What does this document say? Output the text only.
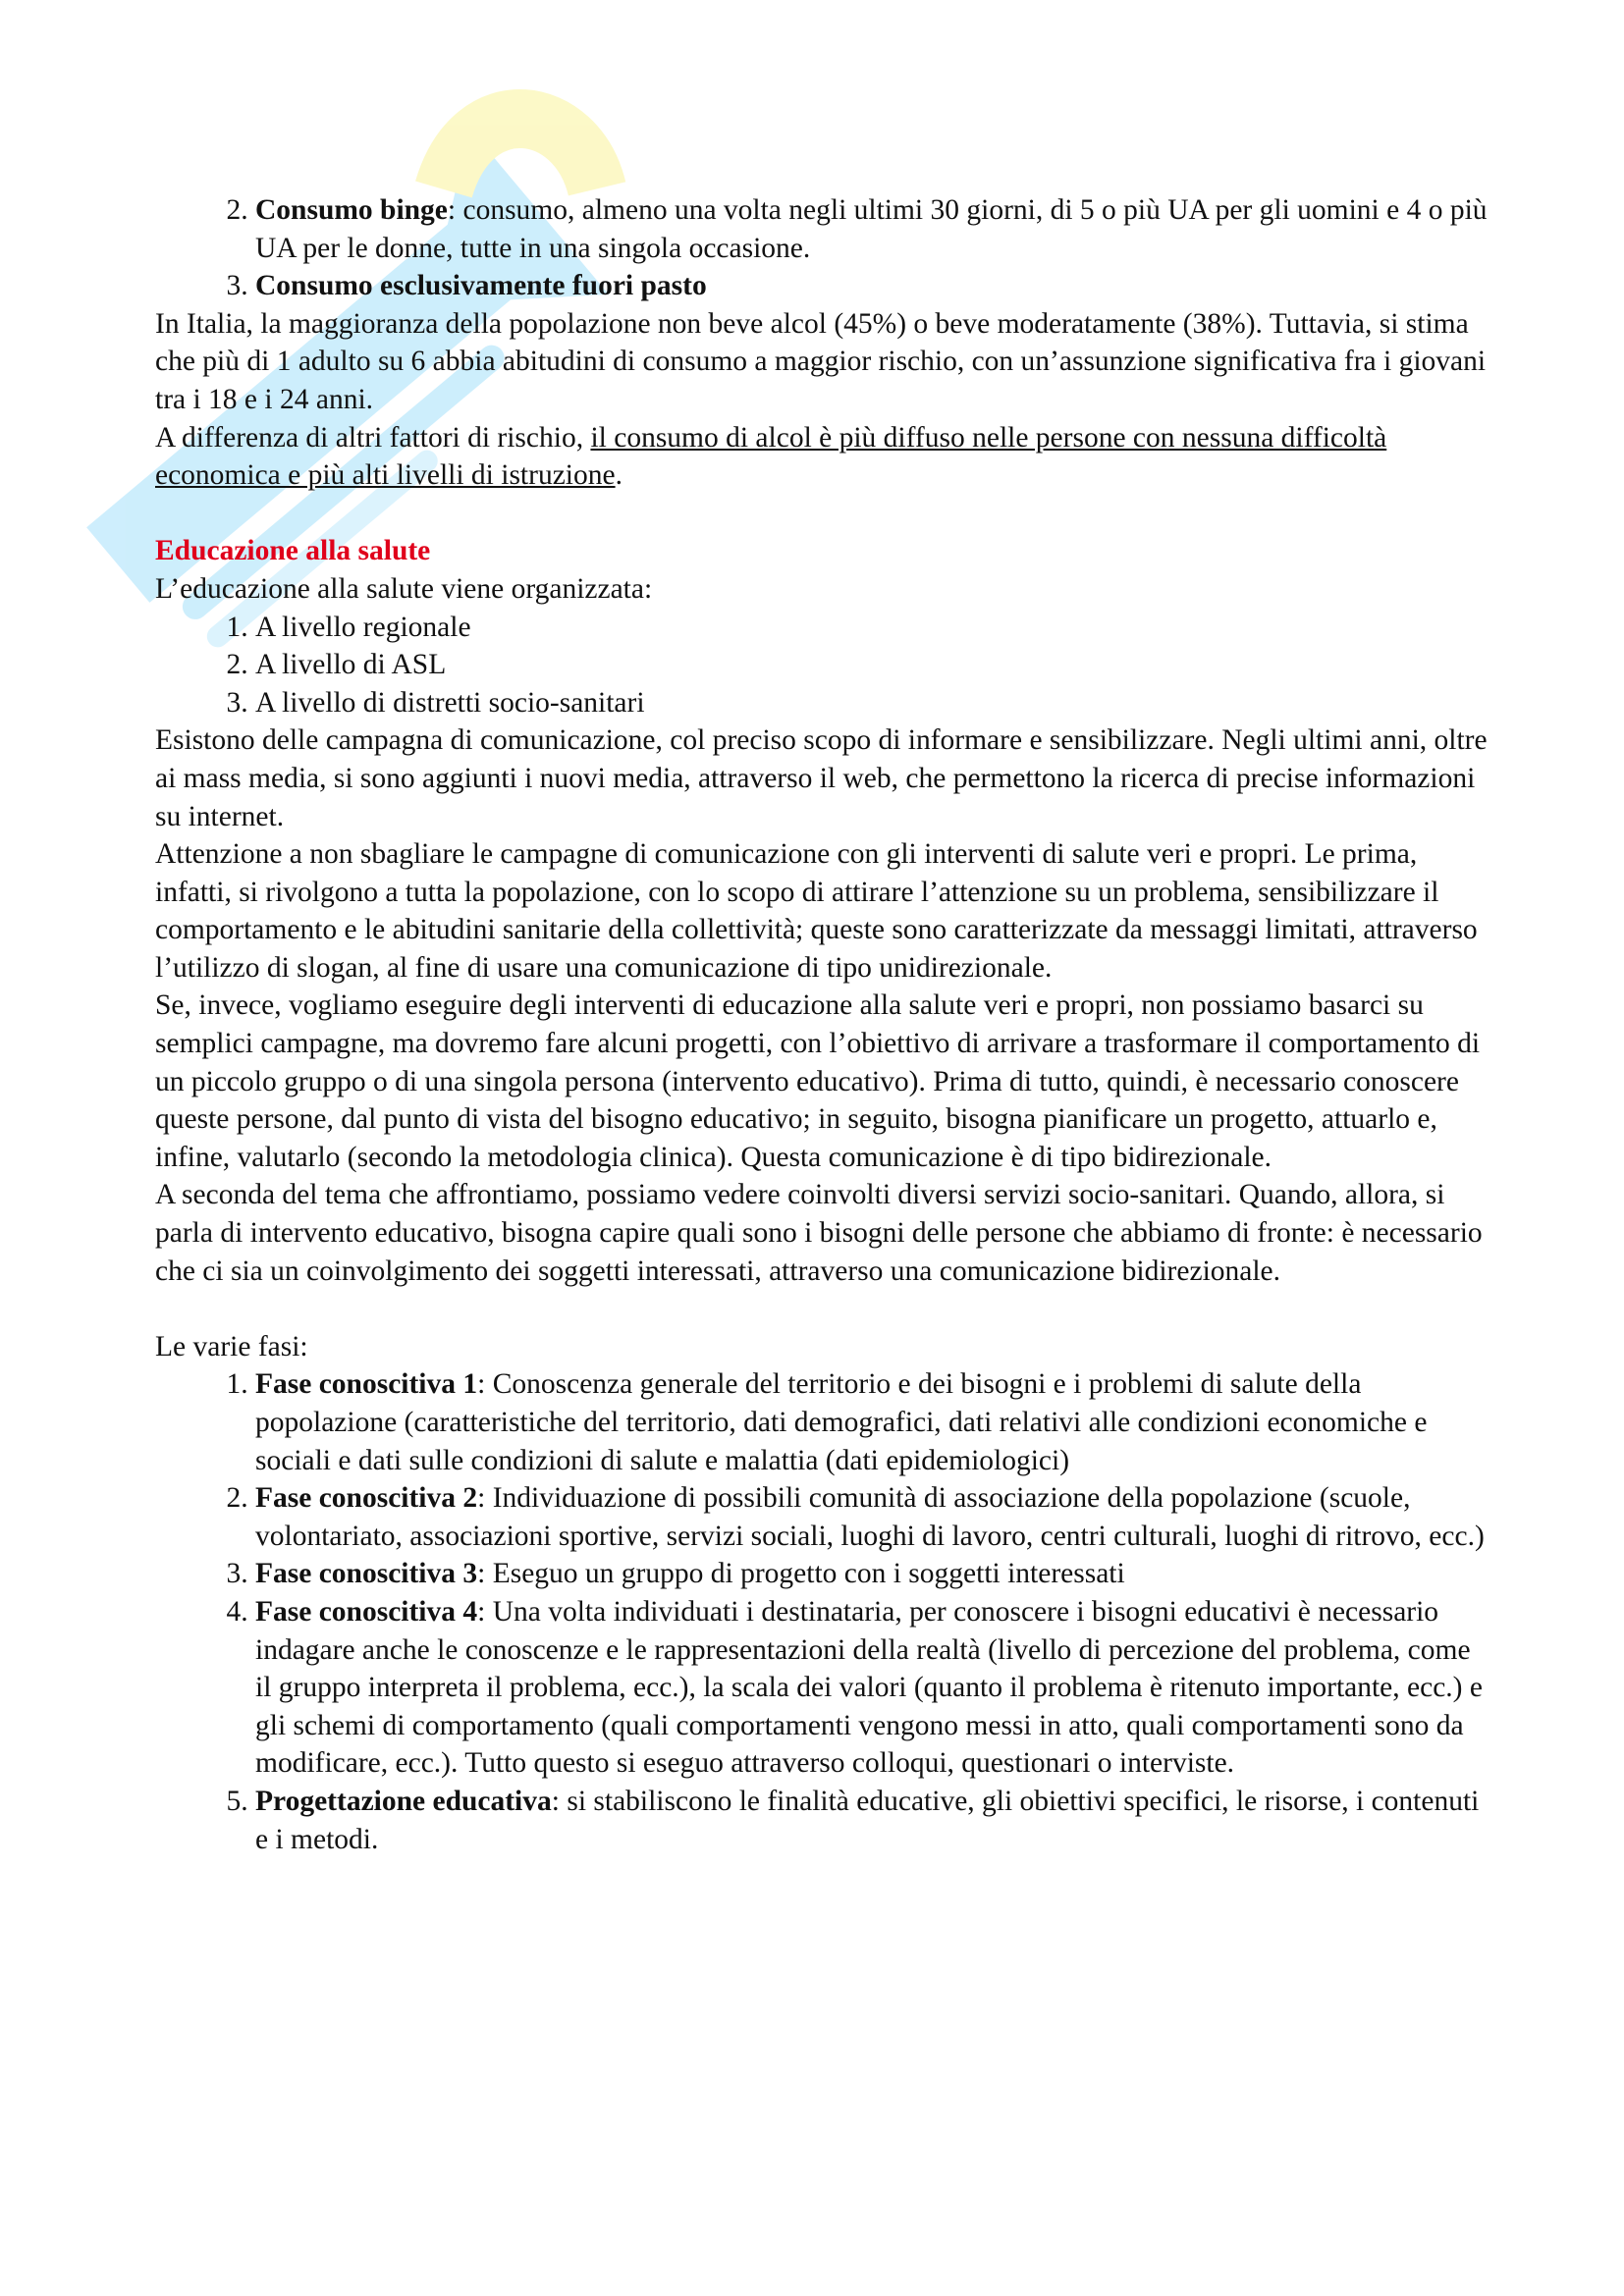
2. Consumo binge: consumo, almeno una volta negli ultimi 30 giorni, di 5 o più UA per gli uomini e 4 o più UA per le donne, tutte in una singola occasione.
3. Consumo esclusivamente fuori pasto

In Italia, la maggioranza della popolazione non beve alcol (45%) o beve moderatamente (38%). Tuttavia, si stima che più di 1 adulto su 6 abbia abitudini di consumo a maggior rischio, con un’assunzione significativa fra i giovani tra i 18 e i 24 anni.

A differenza di altri fattori di rischio, il consumo di alcol è più diffuso nelle persone con nessuna difficoltà economica e più alti livelli di istruzione.

Educazione alla salute

L’educazione alla salute viene organizzata:

1. A livello regionale
2. A livello di ASL
3. A livello di distretti socio-sanitari

Esistono delle campagna di comunicazione, col preciso scopo di informare e sensibilizzare. Negli ultimi anni, oltre ai mass media, si sono aggiunti i nuovi media, attraverso il web, che permettono la ricerca di precise informazioni su internet.

Attenzione a non sbagliare le campagne di comunicazione con gli interventi di salute veri e propri. Le prima, infatti, si rivolgono a tutta la popolazione, con lo scopo di attirare l’attenzione su un problema, sensibilizzare il comportamento e le abitudini sanitarie della collettività; queste sono caratterizzate da messaggi limitati, attraverso l’utilizzo di slogan, al fine di usare una comunicazione di tipo unidirezionale.

Se, invece, vogliamo eseguire degli interventi di educazione alla salute veri e propri, non possiamo basarci su semplici campagne, ma dovremo fare alcuni progetti, con l’obiettivo di arrivare a trasformare il comportamento di un piccolo gruppo o di una singola persona (intervento educativo). Prima di tutto, quindi, è necessario conoscere queste persone, dal punto di vista del bisogno educativo; in seguito, bisogna pianificare un progetto, attuarlo e, infine, valutarlo (secondo la metodologia clinica). Questa comunicazione è di tipo bidirezionale.

A seconda del tema che affrontiamo, possiamo vedere coinvolti diversi servizi socio-sanitari. Quando, allora, si parla di intervento educativo, bisogna capire quali sono i bisogni delle persone che abbiamo di fronte: è necessario che ci sia un coinvolgimento dei soggetti interessati, attraverso una comunicazione bidirezionale.

Le varie fasi:

1. Fase conoscitiva 1: Conoscenza generale del territorio e dei bisogni e i problemi di salute della popolazione (caratteristiche del territorio, dati demografici, dati relativi alle condizioni economiche e sociali e dati sulle condizioni di salute e malattia (dati epidemiologici)
2. Fase conoscitiva 2: Individuazione di possibili comunità di associazione della popolazione (scuole, volontariato, associazioni sportive, servizi sociali, luoghi di lavoro, centri culturali, luoghi di ritrovo, ecc.)
3. Fase conoscitiva 3: Eseguo un gruppo di progetto con i soggetti interessati
4. Fase conoscitiva 4: Una volta individuati i destinataria, per conoscere i bisogni educativi è necessario indagare anche le conoscenze e le rappresentazioni della realtà (livello di percezione del problema, come il gruppo interpreta il problema, ecc.), la scala dei valori (quanto il problema è ritenuto importante, ecc.) e gli schemi di comportamento (quali comportamenti vengono messi in atto, quali comportamenti sono da modificare, ecc.). Tutto questo si eseguo attraverso colloqui, questionari o interviste.
5. Progettazione educativa: si stabiliscono le finalità educative, gli obiettivi specifici, le risorse, i contenuti e i metodi.
